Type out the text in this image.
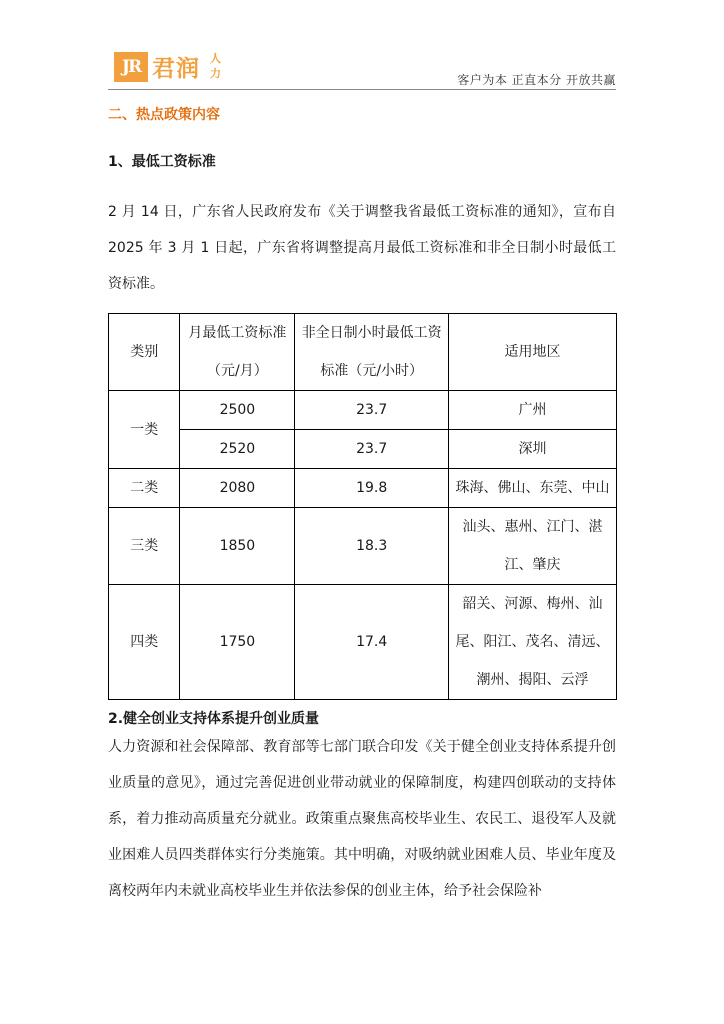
JR 君润 人力	客户为本 正直本分 开放共赢
二、热点政策内容
1、最低工资标准
2 月 14 日，广东省人民政府发布《关于调整我省最低工资标准的通知》，宣布自 2025 年 3 月 1 日起，广东省将调整提高月最低工资标准和非全日制小时最低工资标准。
类别	月最低工资标准（元/月）	非全日制小时最低工资标准（元/小时）	适用地区
一类	2500	23.7	广州
	2520	23.7	深圳
二类	2080	19.8	珠海、佛山、东莞、中山
三类	1850	18.3	汕头、惠州、江门、湛江、肇庆
四类	1750	17.4	韶关、河源、梅州、汕尾、阳江、茂名、清远、潮州、揭阳、云浮
2.健全创业支持体系提升创业质量
人力资源和社会保障部、教育部等七部门联合印发《关于健全创业支持体系提升创业质量的意见》，通过完善促进创业带动就业的保障制度，构建四创联动的支持体系，着力推动高质量充分就业。政策重点聚焦高校毕业生、农民工、退役军人及就业困难人员四类群体实行分类施策。其中明确，对吸纳就业困难人员、毕业年度及离校两年内未就业高校毕业生并依法参保的创业主体，给予社会保险补
